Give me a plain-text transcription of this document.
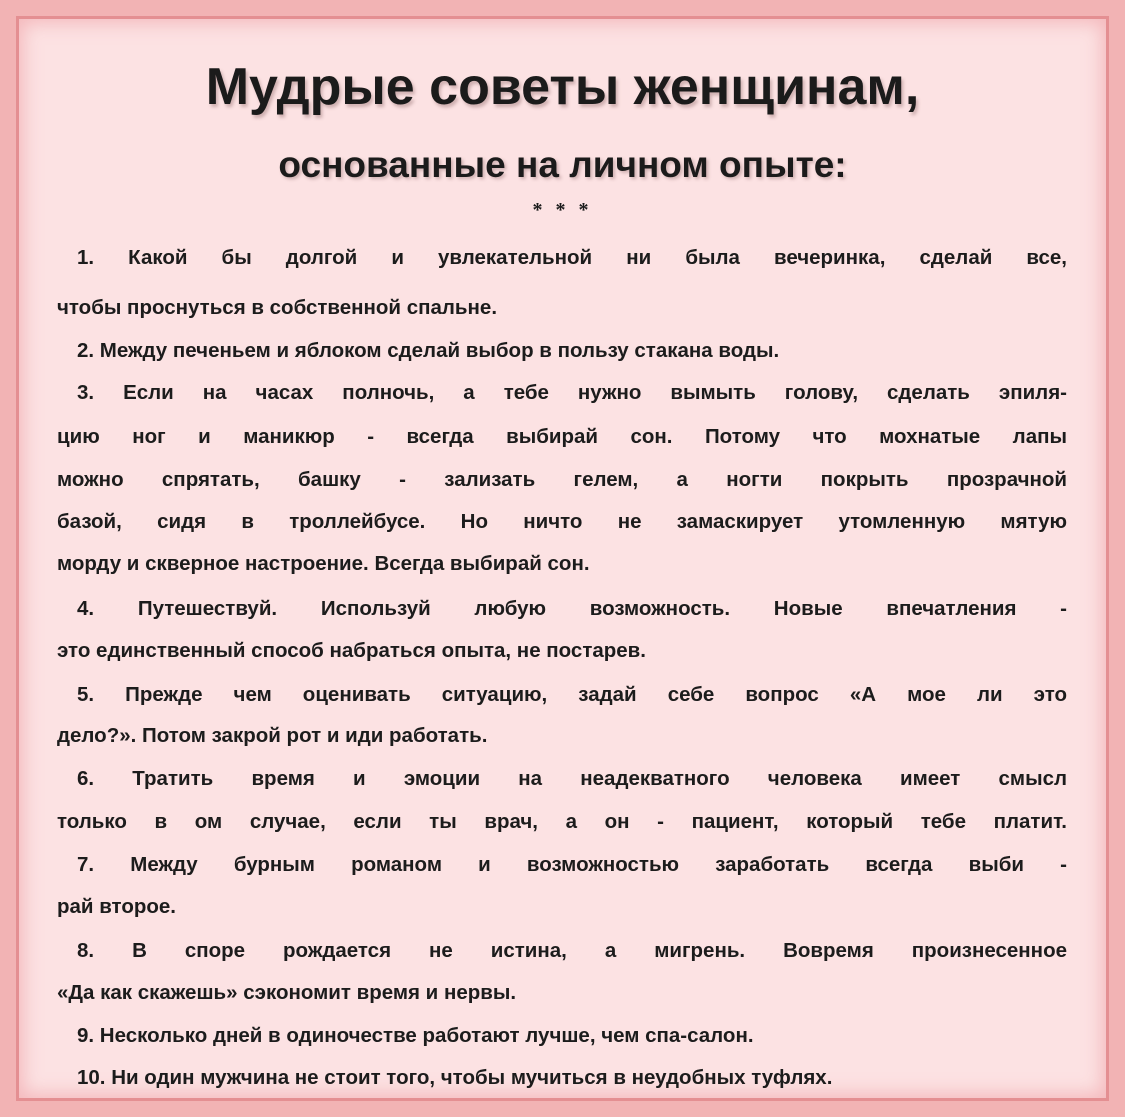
Мудрые советы женщинам,
основанные на личном опыте:
* * *
1. Какой бы долгой и увлекательной ни была вечеринка, сделай все,
чтобы проснуться в собственной спальне.
2. Между печеньем и яблоком сделай выбор в пользу стакана воды.
3. Если на часах полночь, а тебе нужно вымыть голову, сделать эпиля-
цию ног и маникюр - всегда выбирай сон. Потому что мохнатые лапы
можно спрятать, башку - зализать гелем, а ногти покрыть прозрачной
базой, сидя в троллейбусе. Но ничто не замаскирует утомленную мятую
морду и скверное настроение. Всегда выбирай сон.
4. Путешествуй. Используй любую возможность. Новые впечатления -
это единственный способ набраться опыта, не постарев.
5. Прежде чем оценивать ситуацию, задай себе вопрос «А мое ли это
дело?». Потом закрой рот и иди работать.
6. Тратить время и эмоции на неадекватного человека имеет смысл
только в ом случае, если ты врач, а он - пациент, который тебе платит.
7. Между бурным романом и возможностью заработать всегда выби -
рай второе.
8. В споре рождается не истина, а мигрень. Вовремя произнесенное
«Да как скажешь» сэкономит время и нервы.
9. Несколько дней в одиночестве работают лучше, чем спа-салон.
10. Ни один мужчина не стоит того, чтобы мучиться в неудобных туфлях.
